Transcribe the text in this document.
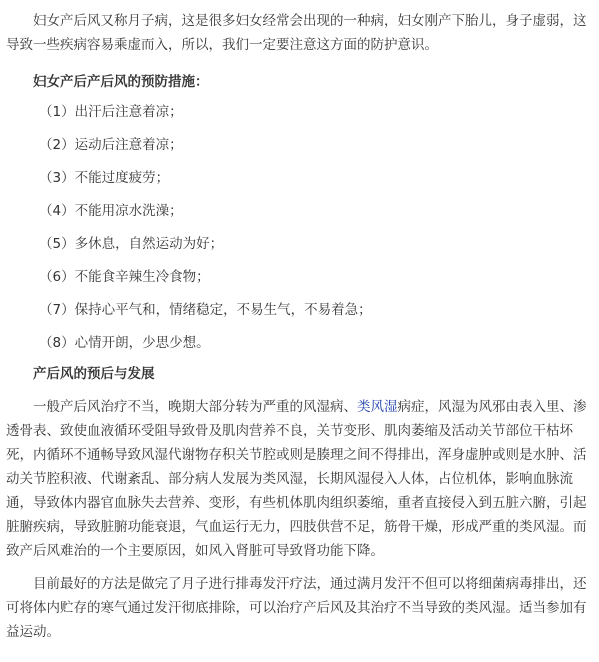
妇女产后风又称月子病，这是很多妇女经常会出现的一种病，妇女刚产下胎儿，身子虚弱，这导致一些疾病容易乘虚而入，所以，我们一定要注意这方面的防护意识。

妇女产后产后风的预防措施：

（1）出汗后注意着凉；
（2）运动后注意着凉；
（3）不能过度疲劳；
（4）不能用凉水洗澡；
（5）多休息，自然运动为好；
（6）不能食辛辣生冷食物；
（7）保持心平气和，情绪稳定，不易生气，不易着急；
（8）心情开朗，少思少想。

产后风的预后与发展

一般产后风治疗不当，晚期大部分转为严重的风湿病、类风湿病症，风湿为风邪由表入里、渗透骨表、致使血液循环受阻导致骨及肌肉营养不良，关节变形、肌肉萎缩及活动关节部位干枯坏死，内循环不通畅导致风湿代谢物存积关节腔或则是腠理之间不得排出，浑身虚肿或则是水肿、活动关节腔积液、代谢紊乱、部分病人发展为类风湿，长期风湿侵入人体，占位机体，影响血脉流通，导致体内器官血脉失去营养、变形，有些机体肌肉组织萎缩，重者直接侵入到五脏六腑，引起脏腑疾病，导致脏腑功能衰退，气血运行无力，四肢供营不足，筋骨干燥，形成严重的类风湿。而致产后风难治的一个主要原因，如风入肾脏可导致肾功能下降。

目前最好的方法是做完了月子进行排毒发汗疗法，通过满月发汗不但可以将细菌病毒排出，还可将体内贮存的寒气通过发汗彻底排除，可以治疗产后风及其治疗不当导致的类风湿。适当参加有益运动。
